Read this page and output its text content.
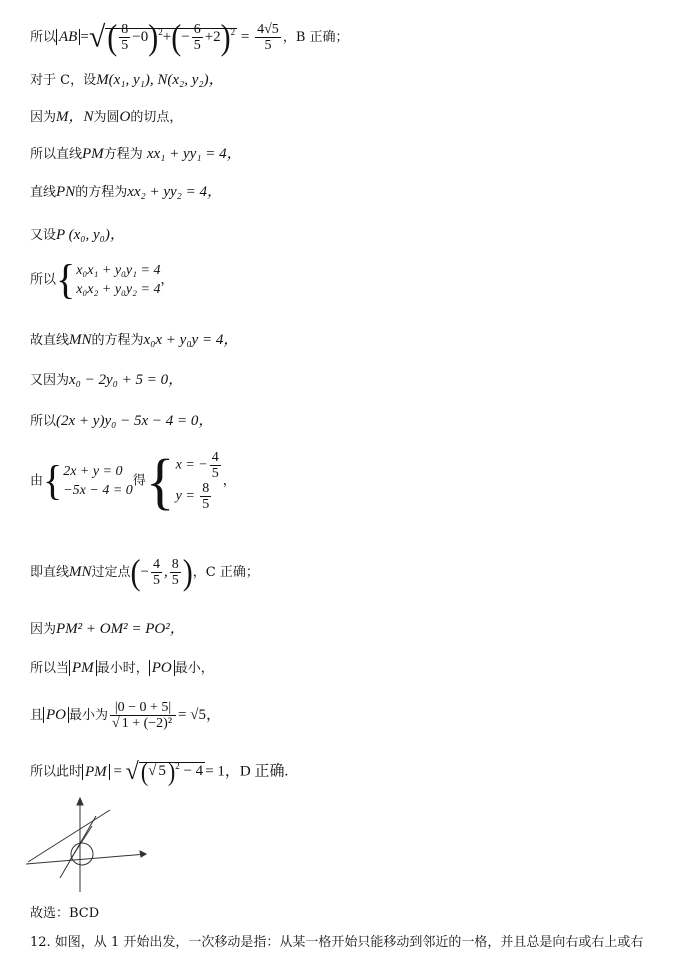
所以 AB =√( $\frac{8}{5} -0)^2+(- \frac{6}{5} +2)^2 = \frac{4√5}{5}$ ，B 正确；
对于 C，设M(x₁, y₁), N(x₂, y₂)，
因为M，N为圆O的切点，
所以直线PM方程为 xx₁ + yy₁ = 4，
直线PN的方程为xx₂ + yy₂ = 4，
又设P (x₀, y₀)，
所以{x₀x₁ + y₀y₁ = 4
x₀x₂ + y₀y₂ = 4，
故直线MN的方程为x₀x + y₀y = 4，
又因为x₀ − 2y₀ + 5 = 0，
所以(2x + y)y₀ − 5x − 4 = 0，
由{2x + y = 0
−5x − 4 = 0得{x = − $\frac{4}{5}$

$y = \frac{8}{5}$ ，
即直线MN过定点(− $\frac{4}{5}$ , $\frac{8}{5}$ )，C 正确；
因为PM² + OM² = PO²，
所以当 PM 最小时， PO 最小，
且 PO 最小为 $\frac{|0 - 0 + 5|}{\text{√ 1 + (−2)²}} = √5$，
所以此时 PM = √(√ 5)$^2$ − 4 = 1，D 正确.
故选：BCD
12. 如图，从 1 开始出发，一次移动是指：从某一格开始只能移动到邻近的一格，并且总是向右或右上或右
